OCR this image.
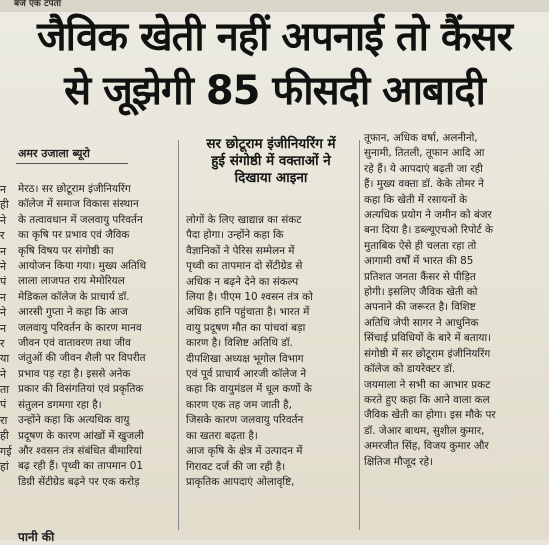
बजे एक टपता
जैविक खेती नहीं अपनाई तो कैंसर
से जूझेगी 85 फीसदी आबादी
न
ही
ने
र
न
ने
पं
न
ने
न
र
या
ने
ता
पं
रा
ही
गई
हां
अमर उजाला ब्यूरो
सर छोटूराम इंजीनियरिंग में
हुई संगोष्ठी में वक्ताओं ने
दिखाया आइना
मेरठ। सर छोटूराम इंजीनियरिंग
कॉलेज में समाज विकास संस्थान
के तत्वावधान में जलवायु परिवर्तन
का कृषि पर प्रभाव एवं जैविक
कृषि विषय पर संगोष्ठी का
आयोजन किया गया। मुख्य अतिथि
लाला लाजपत राय मेमोरियल
मेडिकल कॉलेज के प्राचार्य डॉ.
आरसी गुप्ता ने कहा कि आज
जलवायु परिवर्तन के कारण मानव
जीवन एवं वातावरण तथा जीव
जंतुओं की जीवन शैली पर विपरीत
प्रभाव पड़ रहा है। इससे अनेक
प्रकार की विसंगतियां एवं प्रकृतिक
संतुलन डगमगा रहा है।
उन्होंने कहा कि अत्यधिक वायु
प्रदूषण के कारण आंखों में खुजली
और श्वसन तंत्र संबंधित बीमारियां
बढ़ रही हैं। पृथ्वी का तापमान 01
डिग्री सेंटीग्रेड बढ़ने पर एक करोड़
लोगों के लिए खाद्यान्न का संकट
पैदा होगा। उन्होंने कहा कि
वैज्ञानिकों ने पेरिस सम्मेलन में
पृथ्वी का तापमान दो सेंटीग्रेड से
अधिक न बढ़ने देने का संकल्प
लिया है। पीएम 10 श्वसन तंत्र को
अधिक हानि पहुंचाता है। भारत में
वायु प्रदूषण मौत का पांचवां बड़ा
कारण है। विशिष्ट अतिथि डॉ.
दीपशिखा अध्यक्ष भूगोल विभाग
एवं पूर्व प्राचार्य आरजी कॉलेज ने
कहा कि वायुमंडल में धूल कणों के
कारण एक तह जम जाती है,
जिसके कारण जलवायु परिवर्तन
का खतरा बढ़ता है।
आज कृषि के क्षेत्र में उत्पादन में
गिरावट दर्ज की जा रही है।
प्राकृतिक आपदाएं ओलावृष्टि,
तूफान, अधिक वर्षा, अलनीनो,
सुनामी, तितली, तूफान आदि आ
रहे हैं। ये आपदाएं बढ़ती जा रही
हैं। मुख्य वक्ता डॉ. केके तोमर ने
कहा कि खेती में रसायनों के
अत्यधिक प्रयोग ने जमीन को बंजर
बना दिया है। डब्ल्यूएचओ रिपोर्ट के
मुताबिक ऐसे ही चलता रहा तो
आगामी वर्षों में भारत की 85
प्रतिशत जनता कैंसर से पीड़ित
होगी। इसलिए जैविक खेती को
अपनाने की जरूरत है। विशिष्ट
अतिथि जेपी सागर ने आधुनिक
सिंचाई प्रविधियों के बारे में बताया।
संगोष्ठी में सर छोटूराम इंजीनियरिंग
कॉलेज को डायरेक्टर डॉ.
जयमाला ने सभी का आभार प्रकट
करते हुए कहा कि आने वाला कल
जैविक खेती का होगा। इस मौके पर
डॉ. जेआर बाथम, सुशील कुमार,
अमरजीत सिंह, विजय कुमार और
क्षितिज मौजूद रहे।
पानी की
